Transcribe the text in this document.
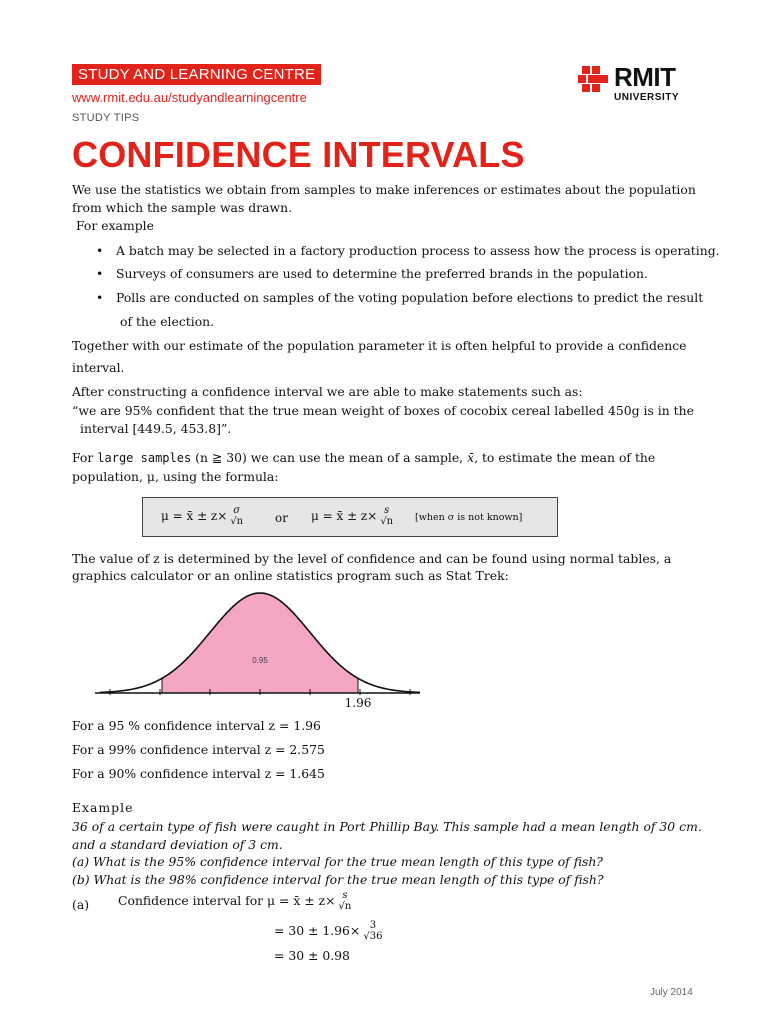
STUDY AND LEARNING CENTRE
www.rmit.edu.au/studyandlearningcentre
STUDY TIPS
RMIT
UNIVERSITY
CONFIDENCE INTERVALS
We use the statistics we obtain from samples to make inferences or estimates about the population
from which the sample was drawn.
For example
• A batch may be selected in a factory production process to assess how the process is operating.
• Surveys of consumers are used to determine the preferred brands in the population.
• Polls are conducted on samples of the voting population before elections to predict the result
of the election.
Together with our estimate of the population parameter it is often helpful to provide a confidence
interval.
After constructing a confidence interval we are able to make statements such as:
“we are 95% confident that the true mean weight of boxes of cocobix cereal labelled 450g is in the
interval [449.5, 453.8]”.
For large samples (n ≧ 30) we can use the mean of a sample, x̄, to estimate the mean of the
population, μ, using the formula:
μ = x̄ ± z× σ
√n	or μ = x̄ ± z× s
√n [when σ is not known]
The value of z is determined by the level of confidence and can be found using normal tables, a
graphics calculator or an online statistics program such as Stat Trek:
0.95
1.96
For a 95 % confidence interval z = 1.96
For a 99% confidence interval z = 2.575
For a 90% confidence interval z = 1.645
Example
36 of a certain type of fish were caught in Port Phillip Bay. This sample had a mean length of 30 cm.
and a standard deviation of 3 cm.
(a) What is the 95% confidence interval for the true mean length of this type of fish?
(b) What is the 98% confidence interval for the true mean length of this type of fish?
(a) Confidence interval for μ = x̄ ± z× s
√n
= 30 ± 1.96× 3
√36
= 30 ± 0.98
July 2014
